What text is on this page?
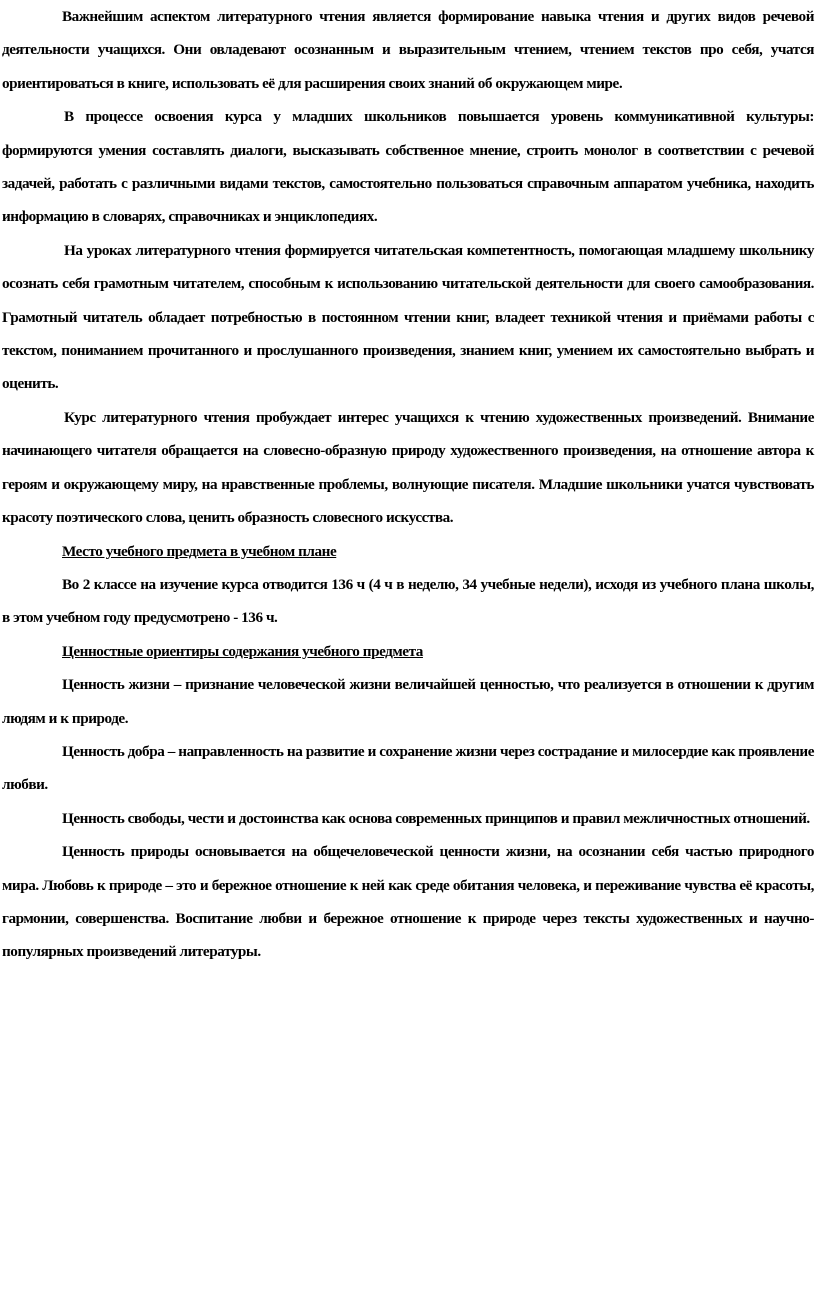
Важнейшим аспектом литературного чтения является формирование навыка чтения и других видов речевой деятельности учащихся. Они овладевают осознанным и выразительным чтением, чтением текстов про себя, учатся ориентироваться в книге, использовать её для расширения своих знаний об окружающем мире.

В процессе освоения курса у младших школьников повышается уровень коммуникативной культуры: формируются умения составлять диалоги, высказывать собственное мнение, строить монолог в соответствии с речевой задачей, работать с различными видами текстов, самостоятельно пользоваться справочным аппаратом учебника, находить информацию в словарях, справочниках и энциклопедиях.

На уроках литературного чтения формируется читательская компетентность, помогающая младшему школьнику осознать себя грамотным читателем, способным к использованию читательской деятельности для своего самообразования. Грамотный читатель обладает потребностью в постоянном чтении книг, владеет техникой чтения и приёмами работы с текстом, пониманием прочитанного и прослушанного произведения, знанием книг, умением их самостоятельно выбрать и оценить.

Курс литературного чтения пробуждает интерес учащихся к чтению художественных произведений. Внимание начинающего читателя обращается на словесно-образную природу художественного произведения, на отношение автора к героям и окружающему миру, на нравственные проблемы, волнующие писателя. Младшие школьники учатся чувствовать красоту поэтического слова, ценить образность словесного искусства.

Место учебного предмета в учебном плане

Во 2 классе на изучение курса отводится 136 ч (4 ч в неделю, 34 учебные недели), исходя из учебного плана школы, в этом учебном году предусмотрено - 136 ч.

Ценностные ориентиры содержания учебного предмета

Ценность жизни – признание человеческой жизни величайшей ценностью, что реализуется в отношении к другим людям и к природе.

Ценность добра – направленность на развитие и сохранение жизни через сострадание и милосердие как проявление любви.

Ценность свободы, чести и достоинства как основа современных принципов и правил межличностных отношений.

Ценность природы основывается на общечеловеческой ценности жизни, на осознании себя частью природного мира. Любовь к природе – это и бережное отношение к ней как среде обитания человека, и переживание чувства её красоты, гармонии, совершенства. Воспитание любви и бережное отношение к природе через тексты художественных и научно-популярных произведений литературы.
